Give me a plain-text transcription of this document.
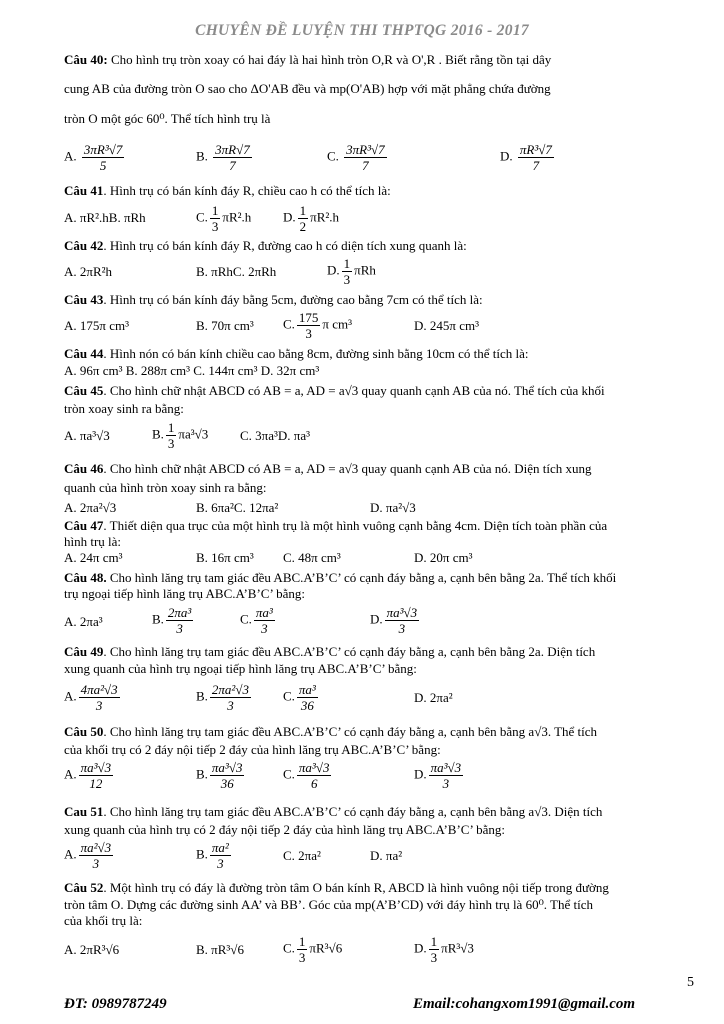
CHUYÊN ĐỀ LUYỆN THI THPTQG 2016 - 2017
Câu 40: Cho hình trụ tròn xoay có hai đáy là hai hình tròn O,R và O',R . Biết rằng tồn tại dây
cung AB của đường tròn O sao cho ΔO'AB đều và mp(O'AB) hợp với mặt phẳng chứa đường
tròn O một góc 60⁰. Thể tích hình trụ là
A. $\frac{\text{3πR³√7}}{5}$	B. $\frac{3\pi R√7}{7}$	C. $\frac{\text{3πR³√7}}{7}$	D. $\frac{\text{πR³√7}}{7}$
Câu 41. Hình trụ có bán kính đáy R, chiều cao h có thể tích là:
A. πR².hB. πRh	C. $\frac{1}{3} \pi R^2.h$ D. $\frac{1}{2} \pi R^2.h$
Câu 42. Hình trụ có bán kính đáy R, đường cao h có diện tích xung quanh là:
A. 2πR²h	B. πRhC. 2πRh	D. $\frac{1}{3}$ πRh
Câu 43. Hình trụ có bán kính đáy bằng 5cm, đường cao bằng 7cm có thể tích là:
A. 175π cm³	B. 70π cm³ C. $\frac{175}{3}$ π cm³	D. 245π cm³
Câu 44. Hình nón có bán kính chiều cao bằng 8cm, đường sinh bằng 10cm có thể tích là:
A. 96π cm³ B. 288π cm³ C. 144π cm³ D. 32π cm³
Câu 45. Cho hình chữ nhật ABCD có AB = a, AD = a√3 quay quanh cạnh AB của nó. Thể tích của khối
tròn xoay sinh ra bằng:
A. πa³√3	B. $\frac{1}{3} \pi a^3√3$ C. 3πa³D. πa³
Câu 46. Cho hình chữ nhật ABCD có AB = a, AD = a√3 quay quanh cạnh AB của nó. Diện tích xung
quanh của hình tròn xoay sinh ra bằng:
A. 2πa²√3	B. 6πa²C. 12πa²	D. πa²√3
Câu 47. Thiết diện qua trục của một hình trụ là một hình vuông cạnh bằng 4cm. Diện tích toàn phần của
hình trụ là:
A. 24π cm³	B. 16π cm³ C. 48π cm³	D. 20π cm³
Câu 48. Cho hình lăng trụ tam giác đều ABC.A’B’C’ có cạnh đáy bằng a, cạnh bên bằng 2a. Thể tích khối
trụ ngoại tiếp hình lăng trụ ABC.A’B’C’ bằng:
A. 2πa³	B. $\frac{\text{2πa³}}{3}$	C. $\frac{\text{πa³}}{3}$	D. $\frac{\text{πa³√3}}{3}$
Câu 49. Cho hình lăng trụ tam giác đều ABC.A’B’C’ có cạnh đáy bằng a, cạnh bên bằng 2a. Diện tích
xung quanh của hình trụ ngoại tiếp hình lăng trụ ABC.A’B’C’ bằng:
A. $\frac{\text{4πa²√3}}{3}$	B. $\frac{\text{2πa²√3}}{3} C$. $\frac{\text{πa³}}{36}$	D. 2πa²
Câu 50. Cho hình lăng trụ tam giác đều ABC.A’B’C’ có cạnh đáy bằng a, cạnh bên bằng a√3. Thể tích
của khối trụ có 2 đáy nội tiếp 2 đáy của hình lăng trụ ABC.A’B’C’ bằng:
A. $\frac{\text{πa³√3}}{12}$	B. $\frac{\text{πa³√3}}{36}$	C. $\frac{\text{πa³√3}}{6}$	D. $\frac{\text{πa³√3}}{3}$
Cau 51. Cho hình lăng trụ tam giác đều ABC.A’B’C’ có cạnh đáy bằng a, cạnh bên bằng a√3. Diện tích
xung quanh của hình trụ có 2 đáy nội tiếp 2 đáy của hình lăng trụ ABC.A’B’C’ bằng:
A. $\frac{\text{πa²√3}}{3}$	B. $\frac{\text{πa²}}{3}$	C. 2πa²	D. πa²
Câu 52. Một hình trụ có đáy là đường tròn tâm O bán kính R, ABCD là hình vuông nội tiếp trong đường
tròn tâm O. Dựng các đường sinh AA’ và BB’. Góc của mp(A’B’CD) với đáy hình trụ là 60⁰. Thể tích
của khối trụ là:
A. 2πR³√6	B. πR³√6	C. $\frac{1}{3} \pi R^3√6$	D. $\frac{1}{3} \pi R^3√3$
5
ĐT: 0989787249	Email:cohangxom1991@gmail.com
